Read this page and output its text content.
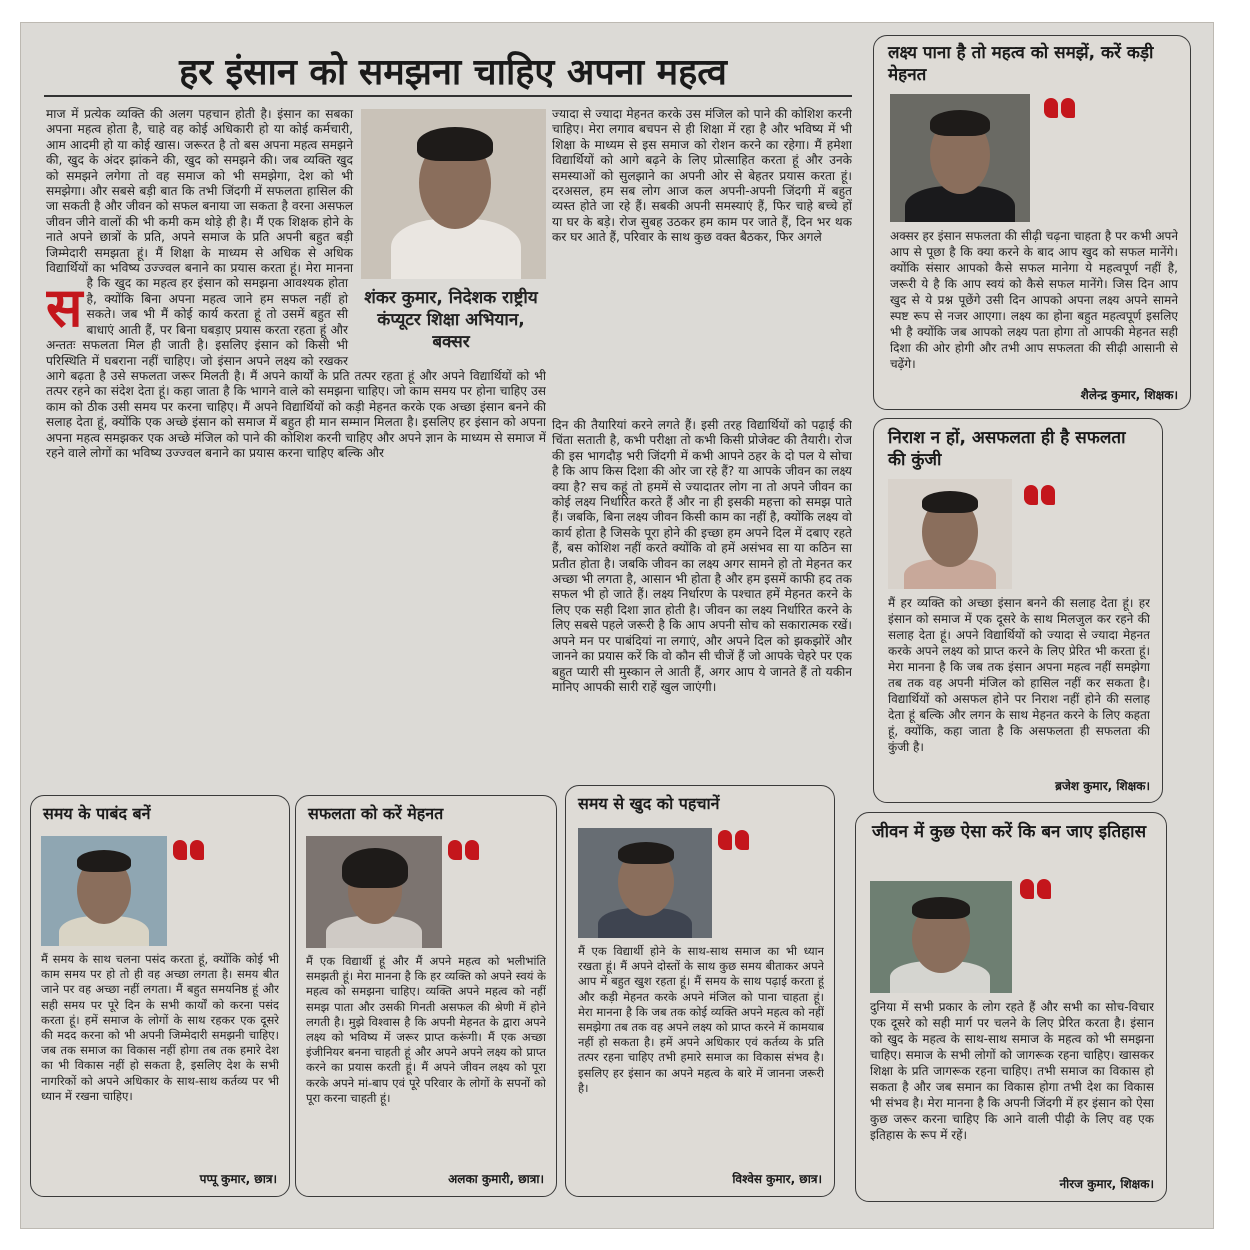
हर इंसान को समझना चाहिए अपना महत्व
शंकर कुमार, निदेशक राष्ट्रीय कंप्यूटर शिक्षा अभियान, बक्सर
स

माज में प्रत्येक व्यक्ति की अलग पहचान होती है। इंसान का सबका अपना महत्व होता है, चाहे वह कोई अधिकारी हो या कोई कर्मचारी, आम आदमी हो या कोई खास। जरूरत है तो बस अपना महत्व समझने की, खुद के अंदर झांकने की, खुद को समझने की। जब व्यक्ति खुद को समझने लगेगा तो वह समाज को भी समझेगा, देश को भी समझेगा। और सबसे बड़ी बात कि तभी जिंदगी में सफलता हासिल की जा सकती है और जीवन को सफल बनाया जा सकता है वरना असफल जीवन जीने वालों की भी कमी कम थोड़े ही है। मैं एक शिक्षक होने के नाते अपने छात्रों के प्रति, अपने समाज के प्रति अपनी बहुत बड़ी जिम्मेदारी समझता हूं। मैं शिक्षा के माध्यम से अधिक से अधिक विद्यार्थियों का भविष्य उज्ज्वल बनाने का प्रयास करता हूं। मेरा मानना है कि खुद का महत्व हर इंसान को समझना आवश्यक होता है, क्योंकि बिना अपना महत्व जाने हम सफल नहीं हो सकते। जब भी मैं कोई कार्य करता हूं तो उसमें बहुत सी बाधाएं आती हैं, पर बिना घबड़ाए प्रयास करता रहता हूं और अन्ततः सफलता मिल ही जाती है। इसलिए इंसान को किसी भी परिस्थिति में घबराना नहीं चाहिए। जो इंसान अपने लक्ष्य को रखकर आगे बढ़ता है उसे सफलता जरूर मिलती है। मैं अपने कार्यों के प्रति तत्पर रहता हूं और अपने विद्यार्थियों को भी तत्पर रहने का संदेश देता हूं। कहा जाता है कि भागने वाले को समझना चाहिए। जो काम समय पर होना चाहिए उस काम को ठीक उसी समय पर करना चाहिए। मैं अपने विद्यार्थियों को कड़ी मेहनत करके एक अच्छा इंसान बनने की सलाह देता हूं, क्योंकि एक अच्छे इंसान को समाज में बहुत ही मान सम्मान मिलता है। इसलिए हर इंसान को अपना अपना महत्व समझकर एक अच्छे मंजिल को पाने की कोशिश करनी चाहिए और अपने ज्ञान के माध्यम से समाज में रहने वाले लोगों का भविष्य उज्ज्वल बनाने का प्रयास करना चाहिए बल्कि और

ज्यादा से ज्यादा मेहनत करके उस मंजिल को पाने की कोशिश करनी चाहिए। मेरा लगाव बचपन से ही शिक्षा में रहा है और भविष्य में भी शिक्षा के माध्यम से इस समाज को रोशन करने का रहेगा। मैं हमेशा विद्यार्थियों को आगे बढ़ने के लिए प्रोत्साहित करता हूं और उनके समस्याओं को सुलझाने का अपनी ओर से बेहतर प्रयास करता हूं। दरअसल, हम सब लोग आज कल अपनी-अपनी जिंदगी में बहुत व्यस्त होते जा रहे हैं। सबकी अपनी समस्याएं हैं, फिर चाहे बच्चे हों या घर के बड़े। रोज सुबह उठकर हम काम पर जाते हैं, दिन भर थक कर घर आते हैं, परिवार के साथ कुछ वक्त बैठकर, फिर अगले

लक्ष्य पाना है तो महत्व को समझें, करें कड़ी मेहनत
अक्सर हर इंसान सफलता की सीढ़ी चढ़ना चाहता है पर कभी अपने आप से पूछा है कि क्या करने के बाद आप खुद को सफल मानेंगे। क्योंकि संसार आपको कैसे सफल मानेगा ये महत्वपूर्ण नहीं है, जरूरी ये है कि आप स्वयं को कैसे सफल मानेंगे। जिस दिन आप खुद से ये प्रश्न पूछेंगे उसी दिन आपको अपना लक्ष्य अपने सामने स्पष्ट रूप से नजर आएगा। लक्ष्य का होना बहुत महत्वपूर्ण इसलिए भी है क्योंकि जब आपको लक्ष्य पता होगा तो आपकी मेहनत सही दिशा की ओर होगी और तभी आप सफलता की सीढ़ी आसानी से चढ़ेंगे।
शैलेन्द्र कुमार, शिक्षक।
निराश न हों, असफलता ही है सफलता की कुंजी
मैं हर व्यक्ति को अच्छा इंसान बनने की सलाह देता हूं। हर इंसान को समाज में एक दूसरे के साथ मिलजुल कर रहने की सलाह देता हूं। अपने विद्यार्थियों को ज्यादा से ज्यादा मेहनत करके अपने लक्ष्य को प्राप्त करने के लिए प्रेरित भी करता हूं। मेरा मानना है कि जब तक इंसान अपना महत्व नहीं समझेगा तब तक वह अपनी मंजिल को हासिल नहीं कर सकता है। विद्यार्थियों को असफल होने पर निराश नहीं होने की सलाह देता हूं बल्कि और लगन के साथ मेहनत करने के लिए कहता हूं, क्योंकि, कहा जाता है कि असफलता ही सफलता की कुंजी है।
ब्रजेश कुमार, शिक्षक।
जीवन में कुछ ऐसा करें कि बन जाए इतिहास
दुनिया में सभी प्रकार के लोग रहते हैं और सभी का सोच-विचार एक दूसरे को सही मार्ग पर चलने के लिए प्रेरित करता है। इंसान को खुद के महत्व के साथ-साथ समाज के महत्व को भी समझना चाहिए। समाज के सभी लोगों को जागरूक रहना चाहिए। खासकर शिक्षा के प्रति जागरूक रहना चाहिए। तभी समाज का विकास हो सकता है और जब समान का विकास होगा तभी देश का विकास भी संभव है। मेरा मानना है कि अपनी जिंदगी में हर इंसान को ऐसा कुछ जरूर करना चाहिए कि आने वाली पीढ़ी के लिए वह एक इतिहास के रूप में रहें।
नीरज कुमार, शिक्षक।
समय के पाबंद बनें
मैं समय के साथ चलना पसंद करता हूं, क्योंकि कोई भी काम समय पर हो तो ही वह अच्छा लगता है। समय बीत जाने पर वह अच्छा नहीं लगता। मैं बहुत समयनिष्ठ हूं और सही समय पर पूरे दिन के सभी कार्यों को करना पसंद करता हूं। हमें समाज के लोगों के साथ रहकर एक दूसरे की मदद करना को भी अपनी जिम्मेदारी समझनी चाहिए। जब तक समाज का विकास नहीं होगा तब तक हमारे देश का भी विकास नहीं हो सकता है, इसलिए देश के सभी नागरिकों को अपने अधिकार के साथ-साथ कर्तव्य पर भी ध्यान में रखना चाहिए।
पप्पू कुमार, छात्र।
सफलता को करें मेहनत
मैं एक विद्यार्थी हूं और मैं अपने महत्व को भलीभांति समझती हूं। मेरा मानना है कि हर व्यक्ति को अपने स्वयं के महत्व को समझना चाहिए। व्यक्ति अपने महत्व को नहीं समझ पाता और उसकी गिनती असफल की श्रेणी में होने लगती है। मुझे विश्वास है कि अपनी मेहनत के द्वारा अपने लक्ष्य को भविष्य में जरूर प्राप्त करूंगी। मैं एक अच्छा इंजीनियर बनना चाहती हूं और अपने अपने लक्ष्य को प्राप्त करने का प्रयास करती हूं। मैं अपने जीवन लक्ष्य को पूरा करके अपने मां-बाप एवं पूरे परिवार के लोगों के सपनों को पूरा करना चाहती हूं।
अलका कुमारी, छात्रा।
समय से खुद को पहचानें
मैं एक विद्यार्थी होने के साथ-साथ समाज का भी ध्यान रखता हूं। मैं अपने दोस्तों के साथ कुछ समय बीताकर अपने आप में बहुत खुश रहता हूं। मैं समय के साथ पढ़ाई करता हूं और कड़ी मेहनत करके अपने मंजिल को पाना चाहता हूं। मेरा मानना है कि जब तक कोई व्यक्ति अपने महत्व को नहीं समझेगा तब तक वह अपने लक्ष्य को प्राप्त करने में कामयाब नहीं हो सकता है। हमें अपने अधिकार एवं कर्तव्य के प्रति तत्पर रहना चाहिए तभी हमारे समाज का विकास संभव है। इसलिए हर इंसान का अपने महत्व के बारे में जानना जरूरी है।
विश्वेस कुमार, छात्र।

दिन की तैयारियां करने लगते हैं। इसी तरह विद्यार्थियों को पढ़ाई की चिंता सताती है, कभी परीक्षा तो कभी किसी प्रोजेक्ट की तैयारी। रोज की इस भागदौड़ भरी जिंदगी में कभी आपने ठहर के दो पल ये सोचा है कि आप किस दिशा की ओर जा रहे हैं? या आपके जीवन का लक्ष्य क्या है? सच कहूं तो हममें से ज्यादातर लोग ना तो अपने जीवन का कोई लक्ष्य निर्धारित करते हैं और ना ही इसकी महत्ता को समझ पाते हैं। जबकि, बिना लक्ष्य जीवन किसी काम का नहीं है, क्योंकि लक्ष्य वो कार्य होता है जिसके पूरा होने की इच्छा हम अपने दिल में दबाए रहते हैं, बस कोशिश नहीं करते क्योंकि वो हमें असंभव सा या कठिन सा प्रतीत होता है। जबकि जीवन का लक्ष्य अगर सामने हो तो मेहनत कर अच्छा भी लगता है, आसान भी होता है और हम इसमें काफी हद तक सफल भी हो जाते हैं। लक्ष्य निर्धारण के पश्चात हमें मेहनत करने के लिए एक सही दिशा ज्ञात होती है। जीवन का लक्ष्य निर्धारित करने के लिए सबसे पहले जरूरी है कि आप अपनी सोच को सकारात्मक रखें। अपने मन पर पाबंदियां ना लगाएं, और अपने दिल को झकझोरें और जानने का प्रयास करें कि वो कौन सी चीजें हैं जो आपके चेहरे पर एक बहुत प्यारी सी मुस्कान ले आती हैं, अगर आप ये जानते हैं तो यकीन मानिए आपकी सारी राहें खुल जाएंगी।
